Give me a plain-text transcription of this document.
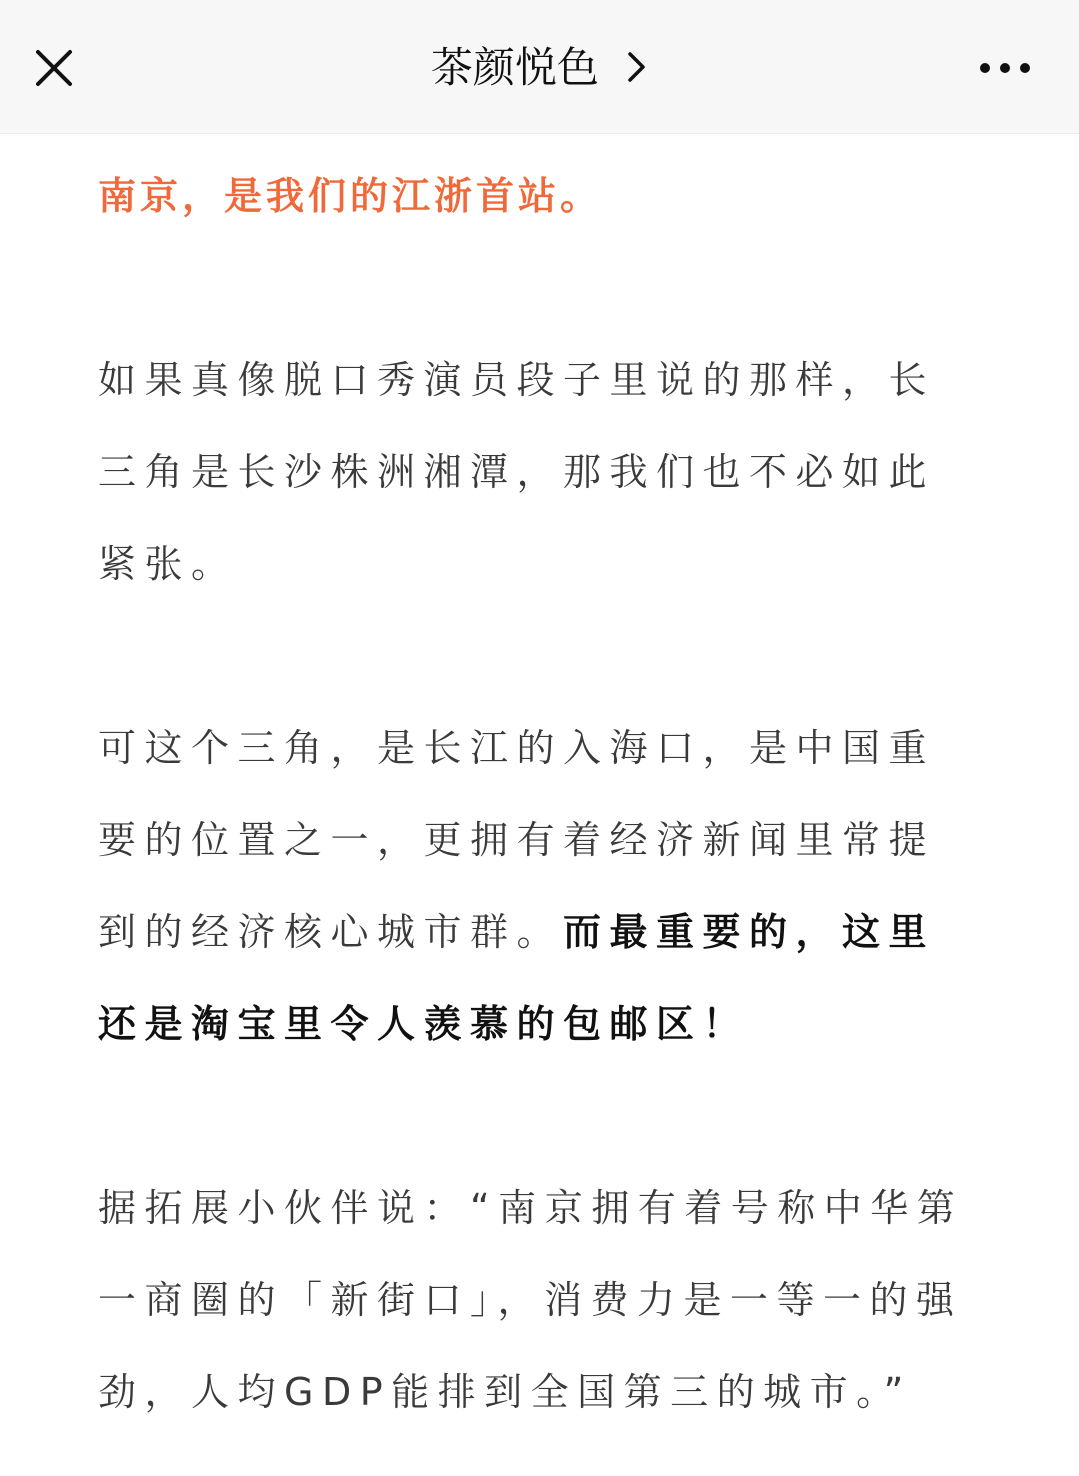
茶颜悦色

南京，是我们的江浙首站。

如果真像脱口秀演员段子里说的那样，长三角是长沙株洲湘潭，那我们也不必如此紧张。

可这个三角，是长江的入海口，是中国重要的位置之一，更拥有着经济新闻里常提到的经济核心城市群。而最重要的，这里还是淘宝里令人羡慕的包邮区！

据拓展小伙伴说：“南京拥有着号称中华第一商圈的「新街口」，消费力是一等一的强劲，人均GDP能排到全国第三的城市。”
